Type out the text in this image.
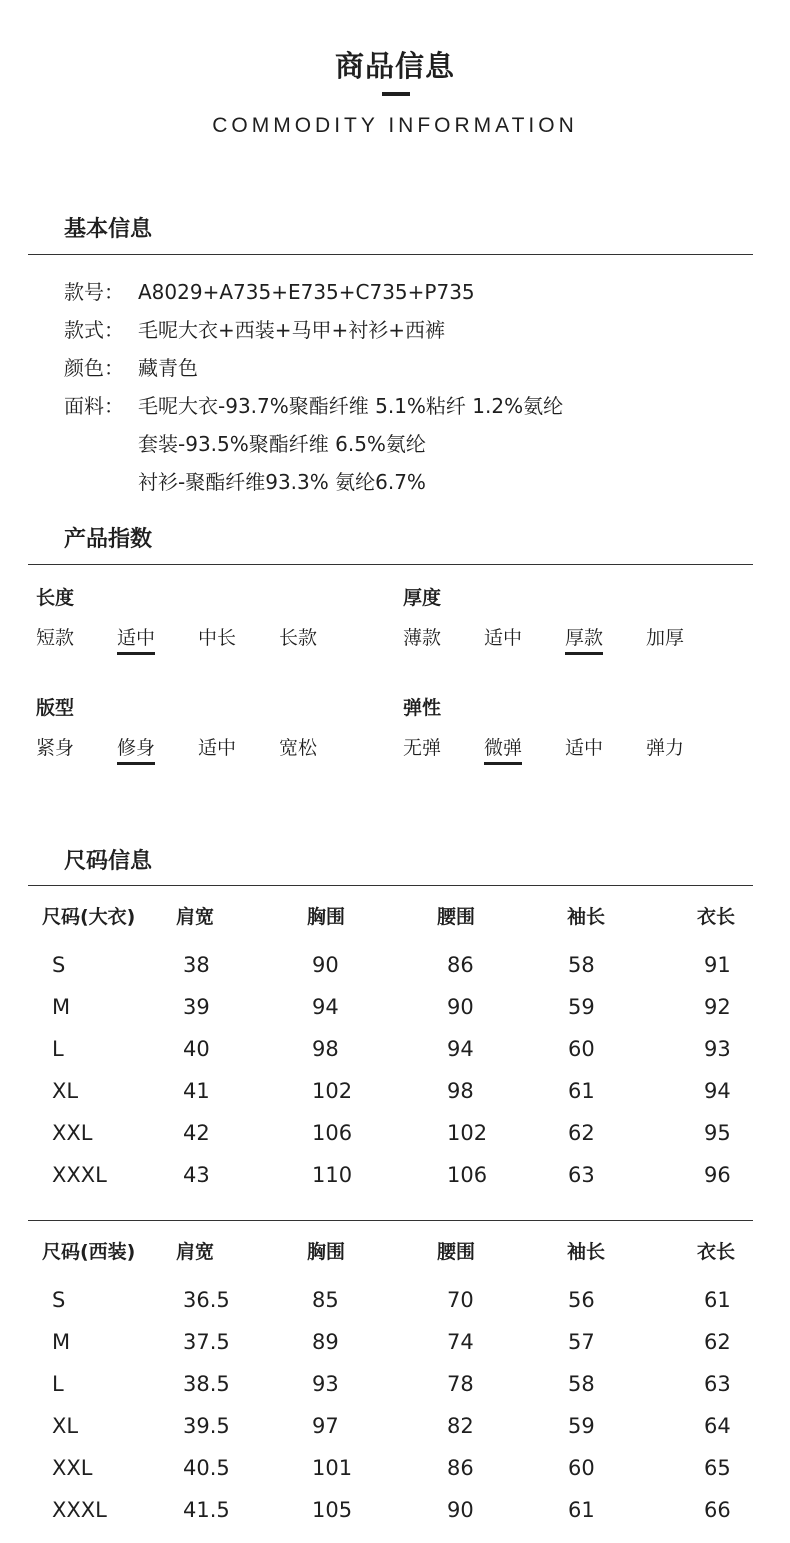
商品信息
COMMODITY INFORMATION
基本信息
款号： A8029+A735+E735+C735+P735
款式： 毛呢大衣+西装+马甲+衬衫+西裤
颜色： 藏青色
面料： 毛呢大衣-93.7%聚酯纤维 5.1%粘纤 1.2%氨纶
套装-93.5%聚酯纤维 6.5%氨纶
衬衫-聚酯纤维93.3% 氨纶6.7%
产品指数
长度	厚度
版型	弹性
短款 适中 中长 长款	薄款 适中 厚款 加厚
紧身 修身 适中 宽松	无弹 微弹 适中 弹力
尺码信息
尺码(大衣) 肩宽	胸围	腰围	袖长	衣长
S	38	90	86	58	91
M	39	94	90	59	92
L	40	98	94	60	93
XL	41	102	98	61	94
XXL	42	106	102	62	95
XXXL	43	110	106	63	96
尺码(西装) 肩宽	胸围	腰围	袖长	衣长
S	36.5	85	70	56	61
M	37.5	89	74	57	62
L	38.5	93	78	58	63
XL	39.5	97	82	59	64
XXL	40.5	101	86	60	65
XXXL	41.5	105	90	61	66
